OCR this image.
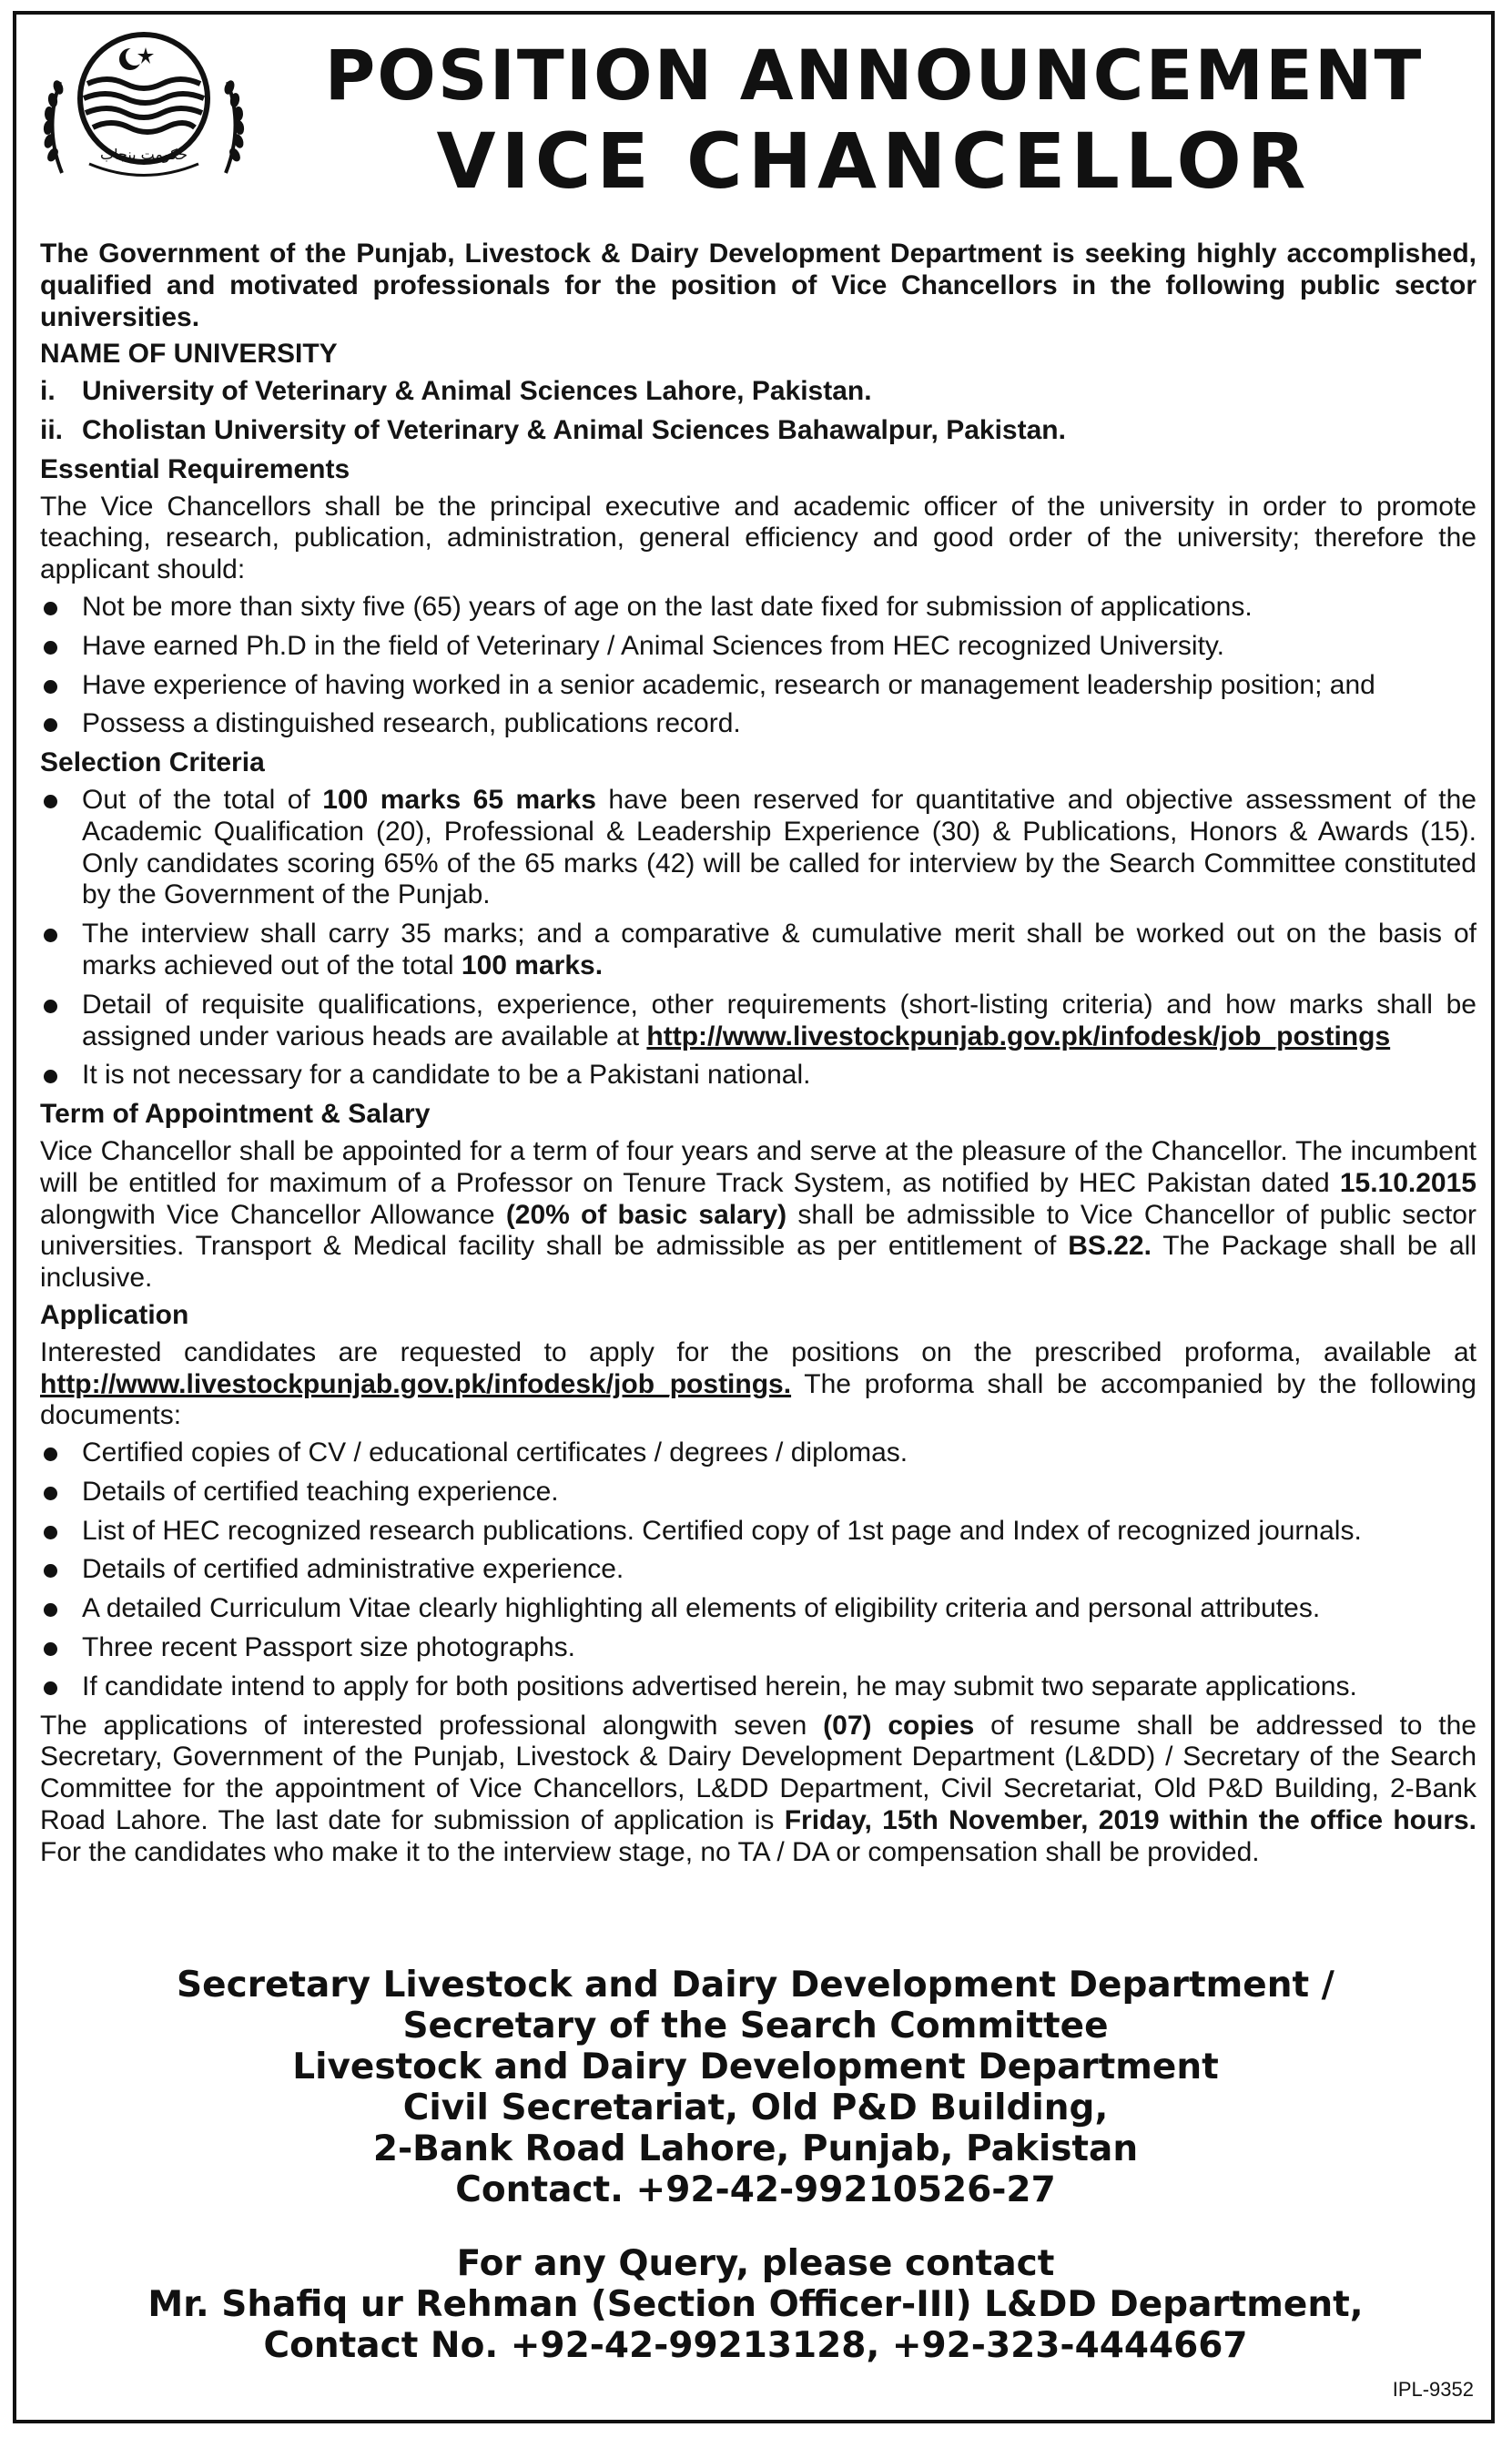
حکومت پنجاب
POSITION ANNOUNCEMENT
VICE CHANCELLOR
The Government of the Punjab, Livestock & Dairy Development Department is seeking highly accomplished, qualified and motivated professionals for the position of Vice Chancellors in the following public sector universities.
NAME OF UNIVERSITY
i. University of Veterinary & Animal Sciences Lahore, Pakistan.
ii. Cholistan University of Veterinary & Animal Sciences Bahawalpur, Pakistan.
Essential Requirements
The Vice Chancellors shall be the principal executive and academic officer of the university in order to promote teaching, research, publication, administration, general efficiency and good order of the university; therefore the applicant should:
Not be more than sixty five (65) years of age on the last date fixed for submission of applications.
Have earned Ph.D in the field of Veterinary / Animal Sciences from HEC recognized University.
Have experience of having worked in a senior academic, research or management leadership position; and
Possess a distinguished research, publications record.
Selection Criteria
Out of the total of 100 marks 65 marks have been reserved for quantitative and objective assessment of the Academic Qualification (20), Professional & Leadership Experience (30) & Publications, Honors & Awards (15). Only candidates scoring 65% of the 65 marks (42) will be called for interview by the Search Committee constituted by the Government of the Punjab.
The interview shall carry 35 marks; and a comparative & cumulative merit shall be worked out on the basis of marks achieved out of the total 100 marks.
Detail of requisite qualifications, experience, other requirements (short-listing criteria) and how marks shall be assigned under various heads are available at http://www.livestockpunjab.gov.pk/infodesk/job_postings
It is not necessary for a candidate to be a Pakistani national.
Term of Appointment & Salary
Vice Chancellor shall be appointed for a term of four years and serve at the pleasure of the Chancellor. The incumbent will be entitled for maximum of a Professor on Tenure Track System, as notified by HEC Pakistan dated 15.10.2015 alongwith Vice Chancellor Allowance (20% of basic salary) shall be admissible to Vice Chancellor of public sector universities. Transport & Medical facility shall be admissible as per entitlement of BS.22. The Package shall be all inclusive.
Application
Interested candidates are requested to apply for the positions on the prescribed proforma, available at http://www.livestockpunjab.gov.pk/infodesk/job_postings. The proforma shall be accompanied by the following documents:
Certified copies of CV / educational certificates / degrees / diplomas.
Details of certified teaching experience.
List of HEC recognized research publications. Certified copy of 1st page and Index of recognized journals.
Details of certified administrative experience.
A detailed Curriculum Vitae clearly highlighting all elements of eligibility criteria and personal attributes.
Three recent Passport size photographs.
If candidate intend to apply for both positions advertised herein, he may submit two separate applications.
The applications of interested professional alongwith seven (07) copies of resume shall be addressed to the Secretary, Government of the Punjab, Livestock & Dairy Development Department (L&DD) / Secretary of the Search Committee for the appointment of Vice Chancellors, L&DD Department, Civil Secretariat, Old P&D Building, 2-Bank Road Lahore. The last date for submission of application is Friday, 15th November, 2019 within the office hours. For the candidates who make it to the interview stage, no TA / DA or compensation shall be provided.
Secretary Livestock and Dairy Development Department /
Secretary of the Search Committee
Livestock and Dairy Development Department
Civil Secretariat, Old P&D Building,
2-Bank Road Lahore, Punjab, Pakistan
Contact. +92-42-99210526-27
For any Query, please contact
Mr. Shafiq ur Rehman (Section Officer-III) L&DD Department,
Contact No. +92-42-99213128, +92-323-4444667
IPL-9352
